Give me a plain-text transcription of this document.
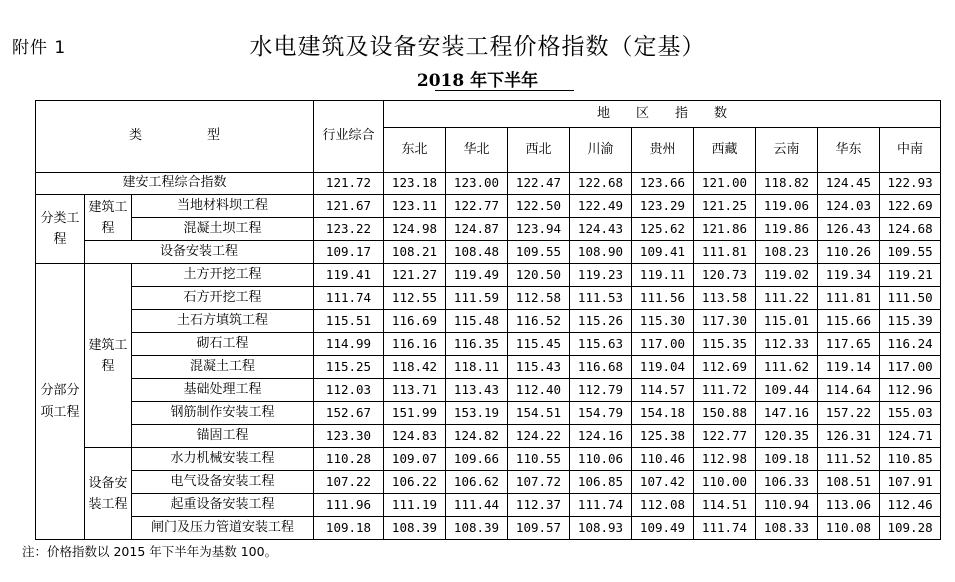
附件 1	水电建筑及设备安装工程价格指数（定基）
2018 年下半年
类　　　　　型			行业综合	地　　区　　指　　数								
				东北	华北	西北	川渝	贵州	西藏	云南	华东	中南
建安工程综合指数			121.72	123.18	123.00	122.47	122.68	123.66	121.00	118.82	124.45	122.93
分类工程	建筑工程	当地材料坝工程	121.67	123.11	122.77	122.50	122.49	123.29	121.25	119.06	124.03	122.69
		混凝土坝工程	123.22	124.98	124.87	123.94	124.43	125.62	121.86	119.86	126.43	124.68
	设备安装工程		109.17	108.21	108.48	109.55	108.90	109.41	111.81	108.23	110.26	109.55
分部分项工程	建筑工程	土方开挖工程	119.41	121.27	119.49	120.50	119.23	119.11	120.73	119.02	119.34	119.21
		石方开挖工程	111.74	112.55	111.59	112.58	111.53	111.56	113.58	111.22	111.81	111.50
		土石方填筑工程	115.51	116.69	115.48	116.52	115.26	115.30	117.30	115.01	115.66	115.39
		砌石工程	114.99	116.16	116.35	115.45	115.63	117.00	115.35	112.33	117.65	116.24
		混凝土工程	115.25	118.42	118.11	115.43	116.68	119.04	112.69	111.62	119.14	117.00
		基础处理工程	112.03	113.71	113.43	112.40	112.79	114.57	111.72	109.44	114.64	112.96
		钢筋制作安装工程	152.67	151.99	153.19	154.51	154.79	154.18	150.88	147.16	157.22	155.03
		锚固工程	123.30	124.83	124.82	124.22	124.16	125.38	122.77	120.35	126.31	124.71
	设备安装工程	水力机械安装工程	110.28	109.07	109.66	110.55	110.06	110.46	112.98	109.18	111.52	110.85
		电气设备安装工程	107.22	106.22	106.62	107.72	106.85	107.42	110.00	106.33	108.51	107.91
		起重设备安装工程	111.96	111.19	111.44	112.37	111.74	112.08	114.51	110.94	113.06	112.46
		闸门及压力管道安装工程	109.18	108.39	108.39	109.57	108.93	109.49	111.74	108.33	110.08	109.28
注：价格指数以 2015 年下半年为基数 100。
